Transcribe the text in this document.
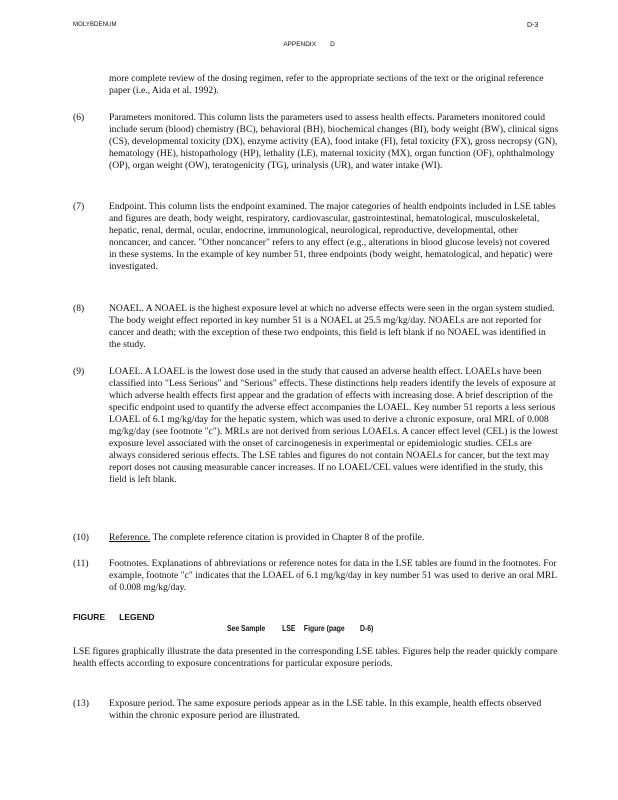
MOLYBDENUM	D-3
APPENDIX D
more complete review of the dosing regimen, refer to the appropriate sections of the text or the original reference paper (i.e., Aida et al. 1992).
(6)	Parameters monitored. This column lists the parameters used to assess health effects. Parameters monitored could include serum (blood) chemistry (BC), behavioral (BH), biochemical changes (BI), body weight (BW), clinical signs (CS), developmental toxicity (DX), enzyme activity (EA), food intake (FI), fetal toxicity (FX), gross necropsy (GN), hematology (HE), histopathology (HP), lethality (LE), maternal toxicity (MX), organ function (OF), ophthalmology (OP), organ weight (OW), teratogenicity (TG), urinalysis (UR), and water intake (WI).
(7)	Endpoint. This column lists the endpoint examined. The major categories of health endpoints included in LSE tables and figures are death, body weight, respiratory, cardiovascular, gastrointestinal, hematological, musculoskeletal, hepatic, renal, dermal, ocular, endocrine, immunological, neurological, reproductive, developmental, other noncancer, and cancer. "Other noncancer" refers to any effect (e.g., alterations in blood glucose levels) not covered in these systems. In the example of key number 51, three endpoints (body weight, hematological, and hepatic) were investigated.
(8)	NOAEL. A NOAEL is the highest exposure level at which no adverse effects were seen in the organ system studied. The body weight effect reported in key number 51 is a NOAEL at 25.5 mg/kg/day. NOAELs are not reported for cancer and death; with the exception of these two endpoints, this field is left blank if no NOAEL was identified in the study.
(9)	LOAEL. A LOAEL is the lowest dose used in the study that caused an adverse health effect. LOAELs have been classified into "Less Serious" and "Serious" effects. These distinctions help readers identify the levels of exposure at which adverse health effects first appear and the gradation of effects with increasing dose. A brief description of the specific endpoint used to quantify the adverse effect accompanies the LOAEL. Key number 51 reports a less serious LOAEL of 6.1 mg/kg/day for the hepatic system, which was used to derive a chronic exposure, oral MRL of 0.008 mg/kg/day (see footnote "c"). MRLs are not derived from serious LOAELs. A cancer effect level (CEL) is the lowest exposure level associated with the onset of carcinogenesis in experimental or epidemiologic studies. CELs are always considered serious effects. The LSE tables and figures do not contain NOAELs for cancer, but the text may report doses not causing measurable cancer increases. If no LOAEL/CEL values were identified in the study, this field is left blank.
(10) Reference. The complete reference citation is provided in Chapter 8 of the profile.
(11) Footnotes. Explanations of abbreviations or reference notes for data in the LSE tables are found in the footnotes. For example, footnote "c" indicates that the LOAEL of 6.1 mg/kg/day in key number 51 was used to derive an oral MRL of 0.008 mg/kg/day.
FIGURE LEGEND
See Sample LSE Figure (page D-6)
LSE figures graphically illustrate the data presented in the corresponding LSE tables. Figures help the reader quickly compare health effects according to exposure concentrations for particular exposure periods.
(13) Exposure period. The same exposure periods appear as in the LSE table. In this example, health effects observed within the chronic exposure period are illustrated.
